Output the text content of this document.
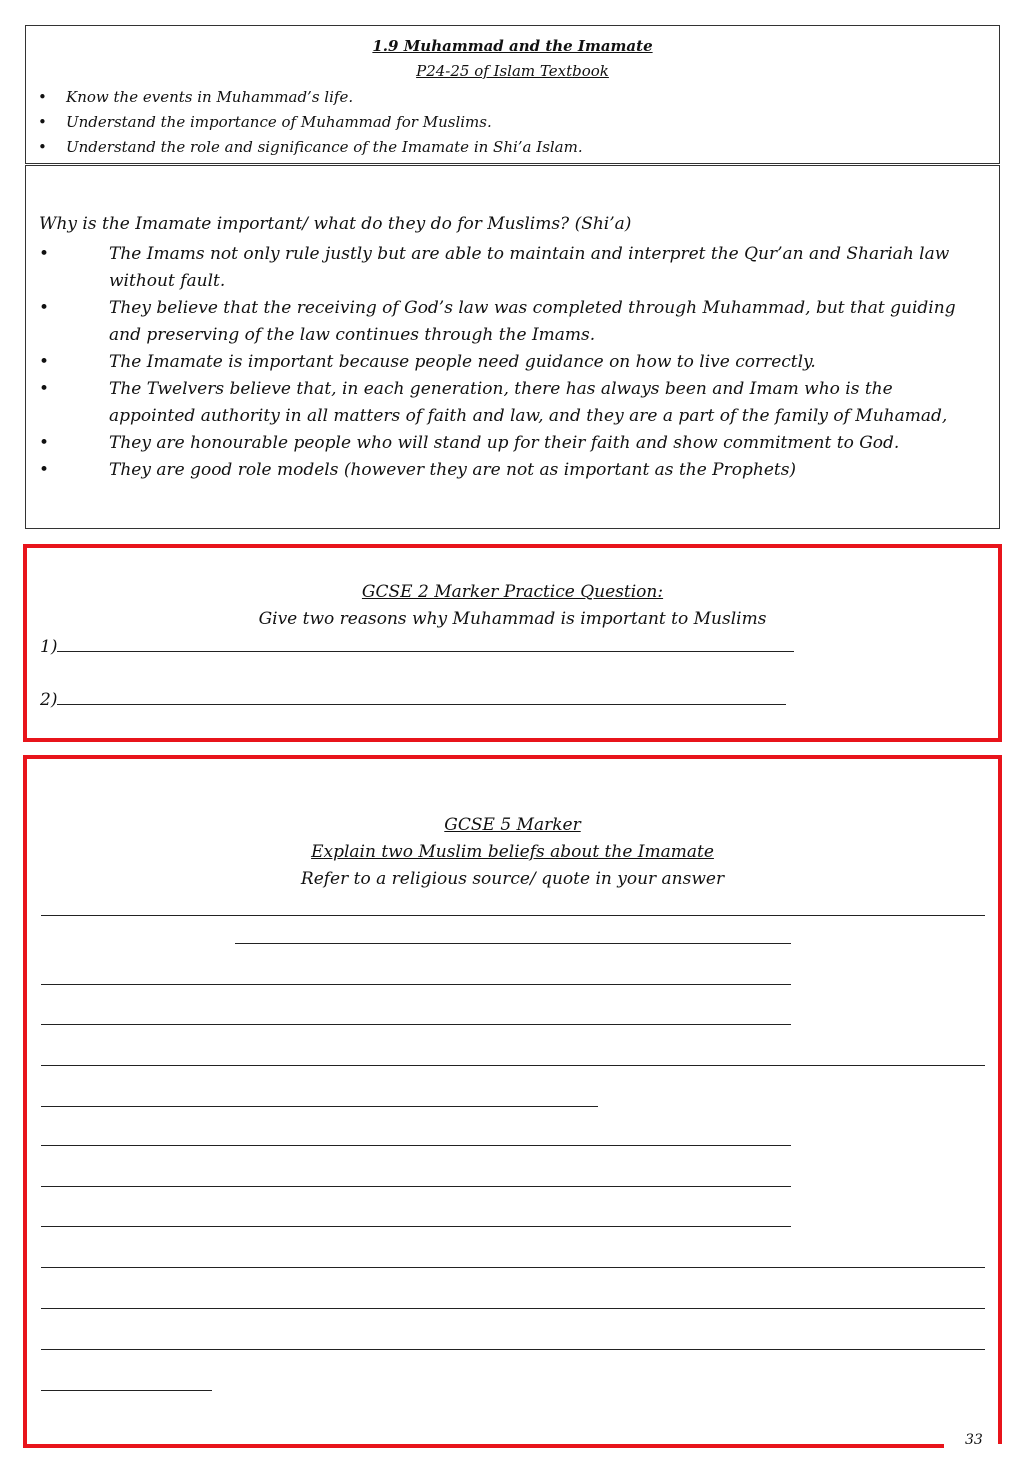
1.9 Muhammad and the Imamate
P24-25 of Islam Textbook
• Know the events in Muhammad’s life.
• Understand the importance of Muhammad for Muslims.
• Understand the role and significance of the Imamate in Shi’a Islam.
Why is the Imamate important/ what do they do for Muslims? (Shi’a)
•	The Imams not only rule justly but are able to maintain and interpret the Qur’an and Shariah law without fault.
•	They believe that the receiving of God’s law was completed through Muhammad, but that guiding and preserving of the law continues through the Imams.
•	The Imamate is important because people need guidance on how to live correctly.
•	The Twelvers believe that, in each generation, there has always been and Imam who is the appointed authority in all matters of faith and law, and they are a part of the family of Muhamad,
•	They are honourable people who will stand up for their faith and show commitment to God.
•	They are good role models (however they are not as important as the Prophets)
GCSE 2 Marker Practice Question:
Give two reasons why Muhammad is important to Muslims
1)
2)
GCSE 5 Marker
Explain two Muslim beliefs about the Imamate
Refer to a religious source/ quote in your answer
33
